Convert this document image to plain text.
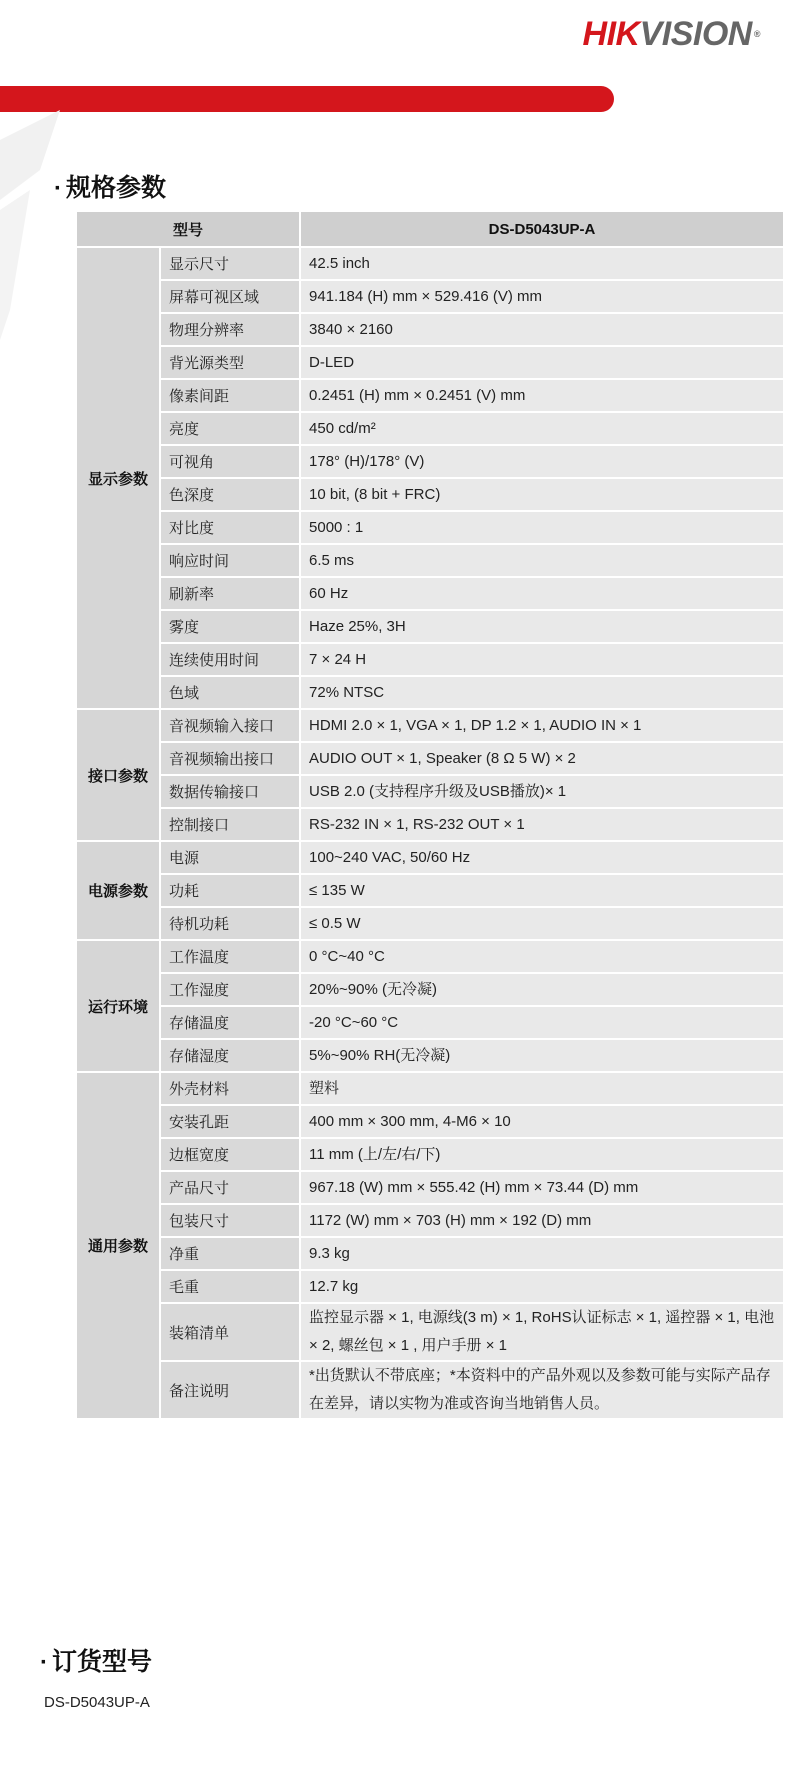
HIKVISION ®
· 规格参数
型号		DS-D5043UP-A
显示参数	显示尺寸	42.5 inch
	屏幕可视区域	941.184 (H) mm × 529.416 (V) mm
	物理分辨率	3840 × 2160
	背光源类型	D-LED
	像素间距	0.2451 (H) mm × 0.2451 (V) mm
	亮度	450 cd/m²
	可视角	178° (H)/178° (V)
	色深度	10 bit, (8 bit + FRC)
	对比度	5000 : 1
	响应时间	6.5 ms
	刷新率	60 Hz
	雾度	Haze 25%, 3H
	连续使用时间	7 × 24 H
	色域	72% NTSC
接口参数	音视频输入接口	HDMI 2.0 × 1, VGA × 1, DP 1.2 × 1, AUDIO IN × 1
	音视频输出接口	AUDIO OUT × 1, Speaker (8 Ω 5 W) × 2
	数据传输接口	USB 2.0 (支持程序升级及USB播放)× 1
	控制接口	RS-232 IN × 1, RS-232 OUT × 1
电源参数	电源	100~240 VAC, 50/60 Hz
	功耗	≤ 135 W
	待机功耗	≤ 0.5 W
运行环境	工作温度	0 °C~40 °C
	工作湿度	20%~90% (无冷凝)
	存储温度	-20 °C~60 °C
	存储湿度	5%~90% RH(无冷凝)
通用参数	外壳材料	塑料
	安装孔距	400 mm × 300 mm, 4-M6 × 10
	边框宽度	11 mm (上/左/右/下)
	产品尺寸	967.18 (W) mm × 555.42 (H) mm × 73.44 (D) mm
	包装尺寸	1172 (W) mm × 703 (H) mm × 192 (D) mm
	净重	9.3 kg
	毛重	12.7 kg
	装箱清单	监控显示器 × 1, 电源线(3 m) × 1, RoHS认证标志 × 1, 遥控器 × 1, 电池 × 2, 螺丝包 × 1 , 用户手册 × 1
	备注说明	*出货默认不带底座；*本资料中的产品外观以及参数可能与实际产品存在差异，请以实物为准或咨询当地销售人员。
· 订货型号
DS-D5043UP-A
